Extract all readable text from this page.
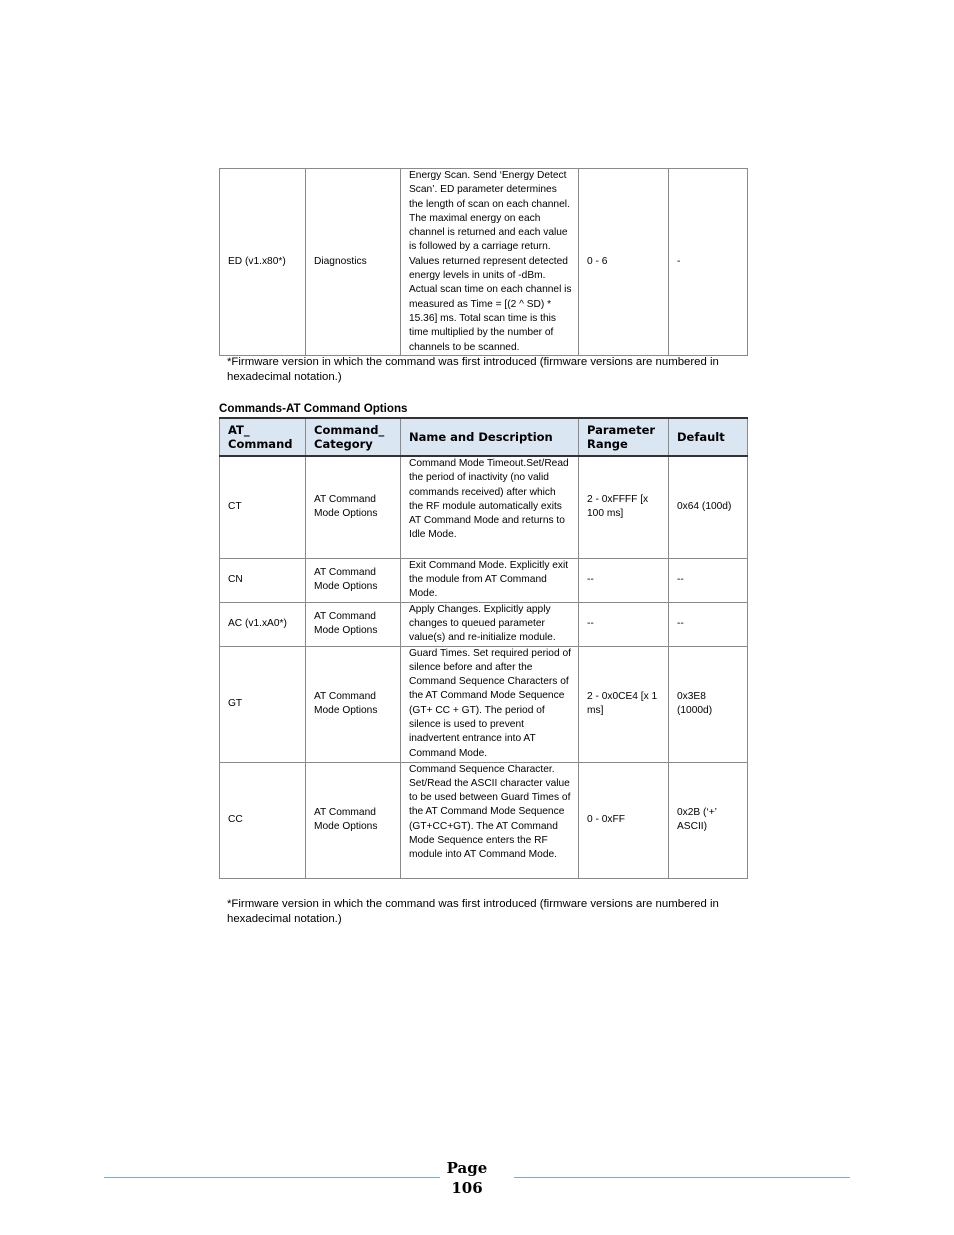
ED (v1.x80*)	Diagnostics	Energy Scan. Send ‘Energy Detect Scan’. ED parameter determines the length of scan on each channel. The maximal energy on each channel is returned and each value is followed by a carriage return. Values returned represent detected energy levels in units of -dBm. Actual scan time on each channel is measured as Time = [(2 ^ SD) * 15.36] ms. Total scan time is this time multiplied by the number of channels to be scanned.	0 - 6	-
*Firmware version in which the command was first introduced (firmware versions are numbered in hexadecimal notation.)
Commands-AT Command Options
AT_ Command	Command_ Category	Name and Description	Parameter Range	Default
CT	AT Command Mode Options	Command Mode Timeout.Set/Read the period of inactivity (no valid commands received) after which the RF module automatically exits AT Command Mode and returns to Idle Mode.	2 - 0xFFFF [x 100 ms]	0x64 (100d)
CN	AT Command Mode Options	Exit Command Mode. Explicitly exit the module from AT Command Mode.	--	--
AC (v1.xA0*)	AT Command Mode Options	Apply Changes. Explicitly apply changes to queued parameter value(s) and re-initialize module.	--	--
GT	AT Command Mode Options	Guard Times. Set required period of silence before and after the Command Sequence Characters of the AT Command Mode Sequence (GT+ CC + GT). The period of silence is used to prevent inadvertent entrance into AT Command Mode.	2 - 0x0CE4 [x 1 ms]	0x3E8 (1000d)
CC	AT Command Mode Options	Command Sequence Character. Set/Read the ASCII character value to be used between Guard Times of the AT Command Mode Sequence (GT+CC+GT). The AT Command Mode Sequence enters the RF module into AT Command Mode.	0 - 0xFF	0x2B (‘+’ ASCII)
*Firmware version in which the command was first introduced (firmware versions are numbered in hexadecimal notation.)
Page 106
